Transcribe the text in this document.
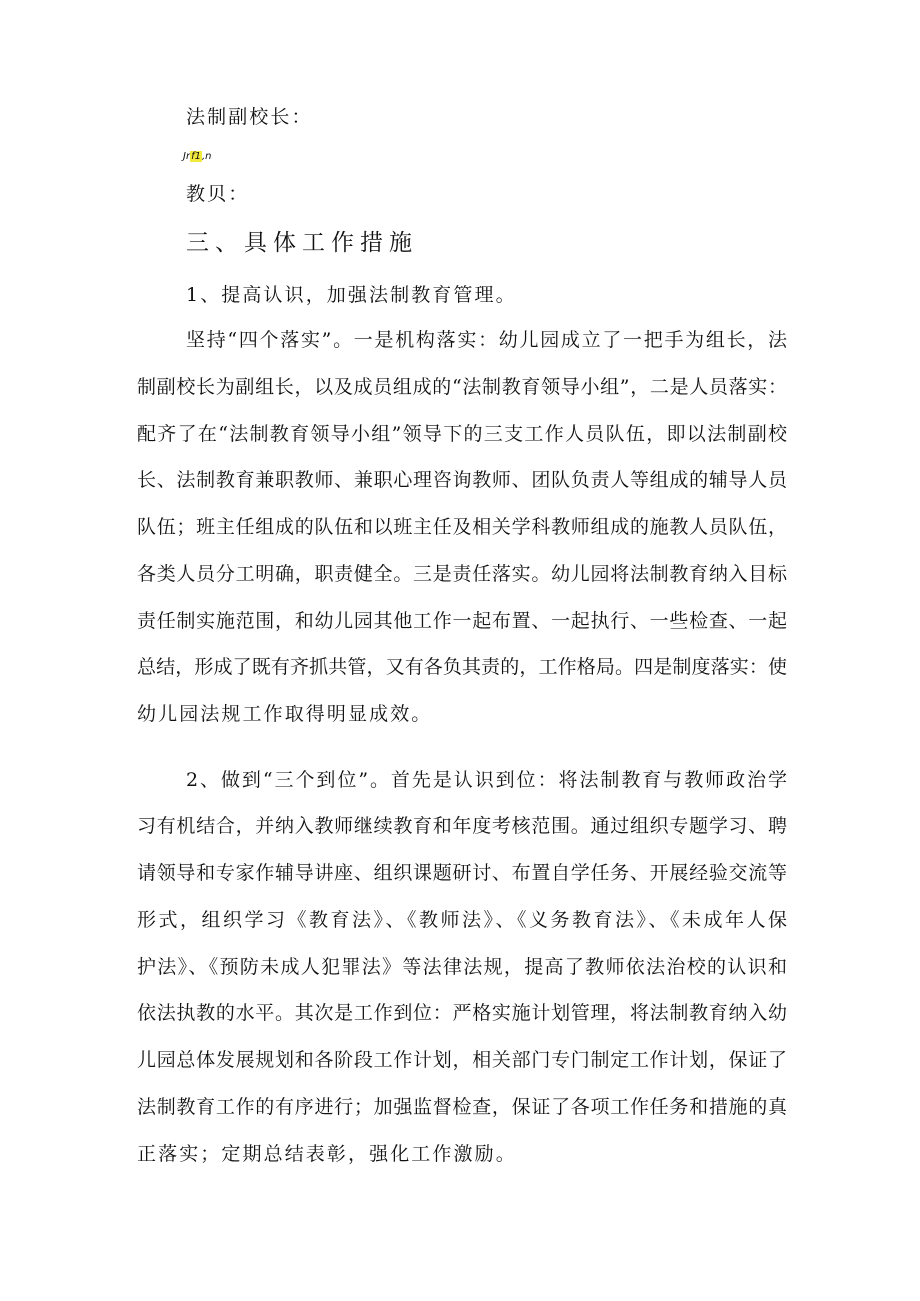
法制副校长：
Jrf1,n
教贝：
三、具体工作措施
1、提高认识，加强法制教育管理。
坚持“四个落实”。一是机构落实：幼儿园成立了一把手为组长，法
制副校长为副组长，以及成员组成的“法制教育领导小组”，二是人员落实：
配齐了在“法制教育领导小组”领导下的三支工作人员队伍，即以法制副校
长、法制教育兼职教师、兼职心理咨询教师、团队负责人等组成的辅导人员
队伍；班主任组成的队伍和以班主任及相关学科教师组成的施教人员队伍，
各类人员分工明确，职责健全。三是责任落实。幼儿园将法制教育纳入目标
责任制实施范围，和幼儿园其他工作一起布置、一起执行、一些检查、一起
总结，形成了既有齐抓共管，又有各负其责的，工作格局。四是制度落实：使
幼儿园法规工作取得明显成效。
2、做到“三个到位”。首先是认识到位：将法制教育与教师政治学
习有机结合，并纳入教师继续教育和年度考核范围。通过组织专题学习、聘
请领导和专家作辅导讲座、组织课题研讨、布置自学任务、开展经验交流等
形式，组织学习《教育法》、《教师法》、《义务教育法》、《未成年人保
护法》、《预防未成人犯罪法》等法律法规，提高了教师依法治校的认识和
依法执教的水平。其次是工作到位：严格实施计划管理，将法制教育纳入幼
儿园总体发展规划和各阶段工作计划，相关部门专门制定工作计划，保证了
法制教育工作的有序进行；加强监督检查，保证了各项工作任务和措施的真
正落实；定期总结表彰，强化工作激励。
